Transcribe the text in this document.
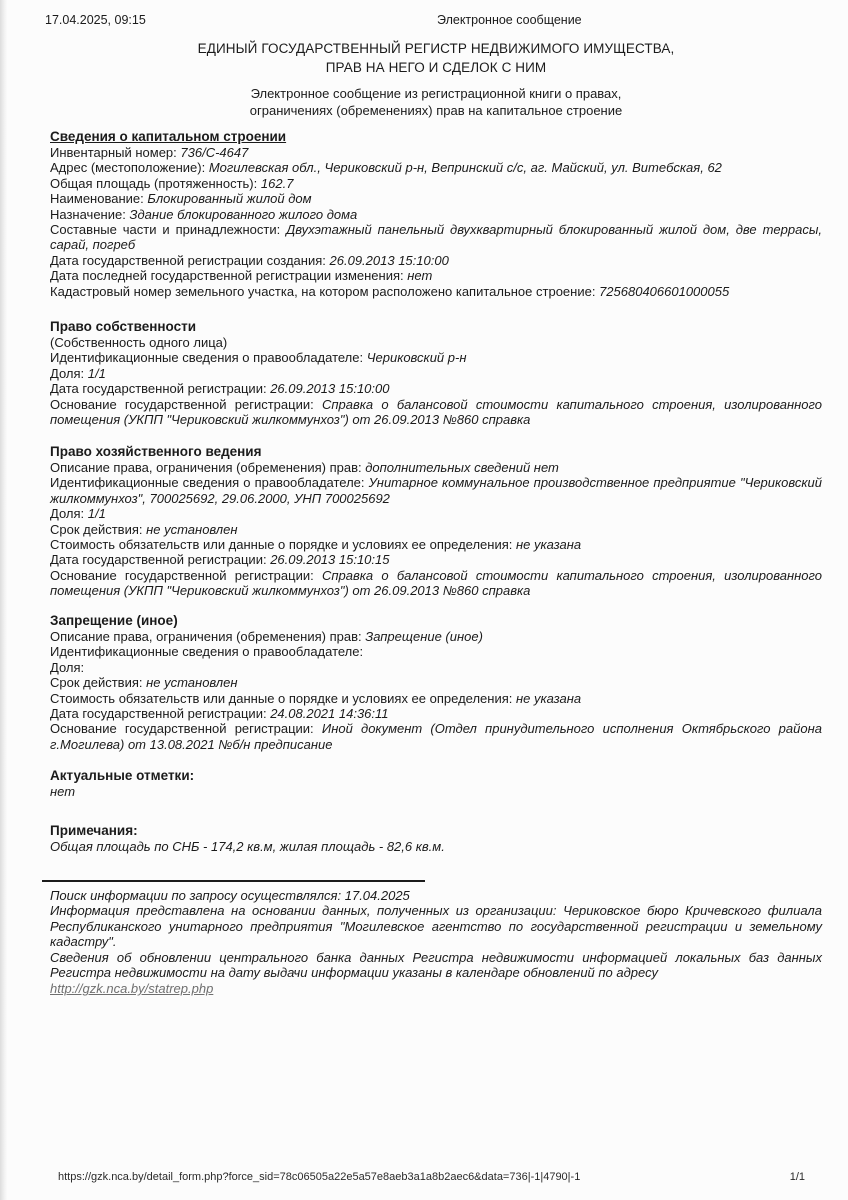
17.04.2025, 09:15	Электронное сообщение
ЕДИНЫЙ ГОСУДАРСТВЕННЫЙ РЕГИСТР НЕДВИЖИМОГО ИМУЩЕСТВА,
ПРАВ НА НЕГО И СДЕЛОК С НИМ
Электронное сообщение из регистрационной книги о правах,
ограничениях (обременениях) прав на капитальное строение
Сведения о капитальном строении
Инвентарный номер: 736/С-4647
Адрес (местоположение): Могилевская обл., Чериковский р-н, Вепринский с/с, аг. Майский, ул. Витебская, 62
Общая площадь (протяженность): 162.7
Наименование: Блокированный жилой дом
Назначение: Здание блокированного жилого дома
Составные части и принадлежности: Двухэтажный панельный двухквартирный блокированный жилой дом, две террасы, сарай, погреб
Дата государственной регистрации создания: 26.09.2013 15:10:00
Дата последней государственной регистрации изменения: нет
Кадастровый номер земельного участка, на котором расположено капитальное строение: 725680406601000055
Право собственности
(Собственность одного лица)
Идентификационные сведения о правообладателе: Чериковский р-н
Доля: 1/1
Дата государственной регистрации: 26.09.2013 15:10:00
Основание государственной регистрации: Справка о балансовой стоимости капитального строения, изолированного помещения (УКПП "Чериковский жилкоммунхоз") от 26.09.2013 №860 справка
Право хозяйственного ведения
Описание права, ограничения (обременения) прав: дополнительных сведений нет
Идентификационные сведения о правообладателе: Унитарное коммунальное производственное предприятие "Чериковский жилкоммунхоз", 700025692, 29.06.2000, УНП 700025692
Доля: 1/1
Срок действия: не установлен
Стоимость обязательств или данные о порядке и условиях ее определения: не указана
Дата государственной регистрации: 26.09.2013 15:10:15
Основание государственной регистрации: Справка о балансовой стоимости капитального строения, изолированного помещения (УКПП "Чериковский жилкоммунхоз") от 26.09.2013 №860 справка
Запрещение (иное)
Описание права, ограничения (обременения) прав: Запрещение (иное)
Идентификационные сведения о правообладателе:
Доля:
Срок действия: не установлен
Стоимость обязательств или данные о порядке и условиях ее определения: не указана
Дата государственной регистрации: 24.08.2021 14:36:11
Основание государственной регистрации: Иной документ (Отдел принудительного исполнения Октябрьского района г.Могилева) от 13.08.2021 №б/н предписание
Актуальные отметки:
нет
Примечания:
Общая площадь по СНБ - 174,2 кв.м, жилая площадь - 82,6 кв.м.

Поиск информации по запросу осуществлялся: 17.04.2025

Информация представлена на основании данных, полученных из организации: Чериковское бюро Кричевского филиала Республиканского унитарного предприятия "Могилевское агентство по государственной регистрации и земельному кадастру".

Сведения об обновлении центрального банка данных Регистра недвижимости информацией локальных баз данных Регистра недвижимости на дату выдачи информации указаны в календаре обновлений по адресу

http://gzk.nca.by/statrep.php
https://gzk.nca.by/detail_form.php?force_sid=78c06505a22e5a57e8aeb3a1a8b2aec6&data=736|-1|4790|-1	1/1
